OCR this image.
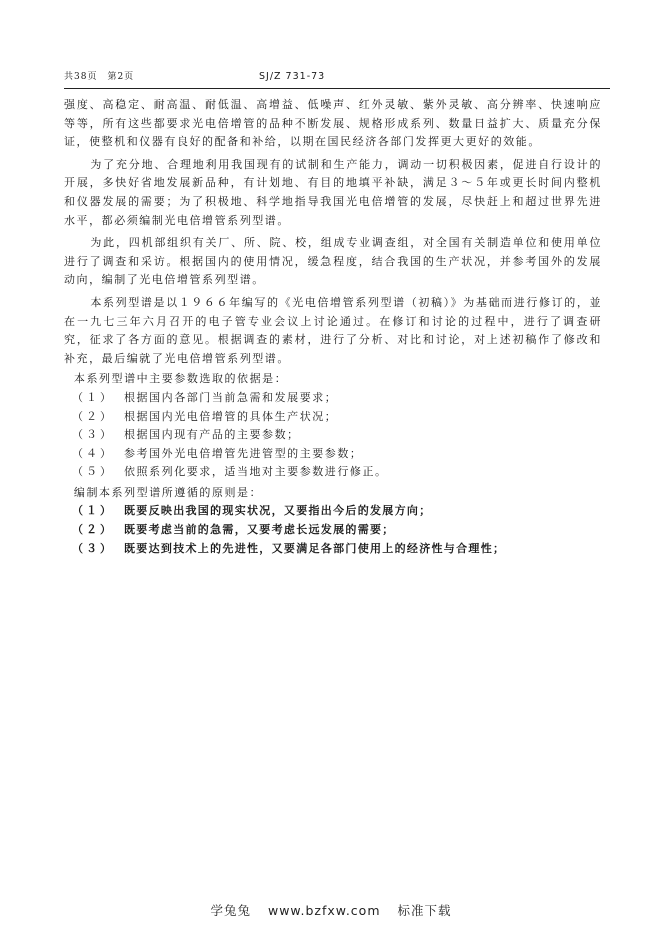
共38页　第2页	SJ/Z 731-73

强度、高稳定、耐高温、耐低温、高增益、低噪声、红外灵敏、紫外灵敏、高分辨率、快速响应等等，所有这些都要求光电倍增管的品种不断发展、规格形成系列、数量日益扩大、质量充分保证，使整机和仪器有良好的配备和补给，以期在国民经济各部门发挥更大更好的效能。

为了充分地、合理地利用我国现有的试制和生产能力，调动一切积极因素，促进自行设计的开展，多快好省地发展新品种，有计划地、有目的地填平补缺，满足３～５年或更长时间内整机和仪器发展的需要；为了积极地、科学地指导我国光电倍增管的发展，尽快赶上和超过世界先进水平，都必须编制光电倍增管系列型谱。

为此，四机部组织有关厂、所、院、校，组成专业调查组，对全国有关制造单位和使用单位进行了调查和采访。根据国内的使用情况，缓急程度，结合我国的生产状况，并参考国外的发展动向，编制了光电倍增管系列型谱。

本系列型谱是以１９６６年编写的《光电倍增管系列型谱（初稿）》为基础而进行修订的，並在一九七三年六月召开的电子管专业会议上讨论通过。在修订和讨论的过程中，进行了调查研究，征求了各方面的意见。根据调查的素材，进行了分析、对比和讨论，对上述初稿作了修改和补充，最后编就了光电倍增管系列型谱。

本系列型谱中主要参数选取的依据是：

（１） 根据国内各部门当前急需和发展要求；
（２） 根据国内光电倍增管的具体生产状况；
（３） 根据国内现有产品的主要参数；
（４） 参考国外光电倍增管先进管型的主要参数；
（５） 依照系列化要求，适当地对主要参数进行修正。

编制本系列型谱所遵循的原则是：

（１） 既要反映出我国的现实状况，又要指出今后的发展方向；
（２） 既要考虑当前的急需，又要考虑长远发展的需要；
（３） 既要达到技术上的先进性，又要满足各部门使用上的经济性与合理性；
学兔兔 www.bzfxw.com 标准下载
